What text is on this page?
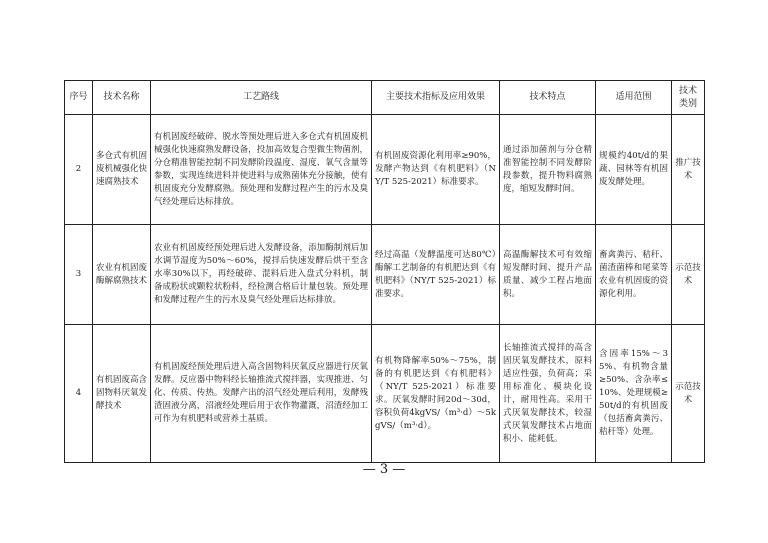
序号	技术名称	工艺路线	主要技术指标及应用效果	技术特点	适用范围	技术类别
2	多仓式有机固废机械强化快速腐熟技术	有机固废经破碎、脱水等预处理后进入多仓式有机固废机械强化快速腐熟发酵设备，投加高效复合型微生物菌剂，分仓精准智能控制不同发酵阶段温度、湿度、氧气含量等参数，实现连续进料并使进料与成熟菌体充分接触，使有机固废充分发酵腐熟。预处理和发酵过程产生的污水及臭气经处理后达标排放。	有机固废资源化利用率≥90%，发酵产物达到《有机肥料》（NY/T 525-2021）标准要求。	通过添加菌剂与分仓精准智能控制不同发酵阶段参数，提升物料腐熟度，缩短发酵时间。	规模约40t/d的果蔬、园林等有机固废发酵处理。	推广技术
3	农业有机固废酶解腐熟技术	农业有机固废经预处理后进入发酵设备，添加酶制剂后加水调节湿度为50%～60%，搅拌后快速发酵后烘干至含水率30%以下，再经破碎、混料后进入盘式分料机，制备成粉状或颗粒状粉料，经检测合格后计量包装。预处理和发酵过程产生的污水及臭气经处理后达标排放。	经过高温（发酵温度可达80℃）酶解工艺制备的有机肥达到《有机肥料》（NY/T 525-2021）标准要求。	高温酶解技术可有效缩短发酵时间、提升产品质量、减少工程占地面积。	畜禽粪污、秸秆、菌渣菌棒和尾菜等农业有机固废的资源化利用。	示范技术
4	有机固废高含固物料厌氧发酵技术	有机固废经预处理后进入高含固物料厌氧反应器进行厌氧发酵。反应器中物料经长轴推流式搅拌器，实现推进、匀化、传质、传热。发酵产出的沼气经处理后利用，发酵残渣固液分离，沼液经处理后用于农作物灌溉，沼渣经加工可作为有机肥料或营养土基质。	有机物降解率50%～75%，制备的有机肥达到《有机肥料》（NY/T 525-2021）标准要求。厌氧发酵时间20d～30d，容积负荷4kgVS/（m³·d）～5kgVS/（m³·d）。	长轴推流式搅拌的高含固厌氧发酵技术，原料适应性强，负荷高；采用标准化、模块化设计，耐用性高。采用干式厌氧发酵技术，较湿式厌氧发酵技术占地面积小、能耗低。	含固率15%～35%、有机物含量≥50%、含杂率≤10%、处理规模≥50t/d的有机固废（包括畜禽粪污、秸秆等）处理。	示范技术
— 3 —
